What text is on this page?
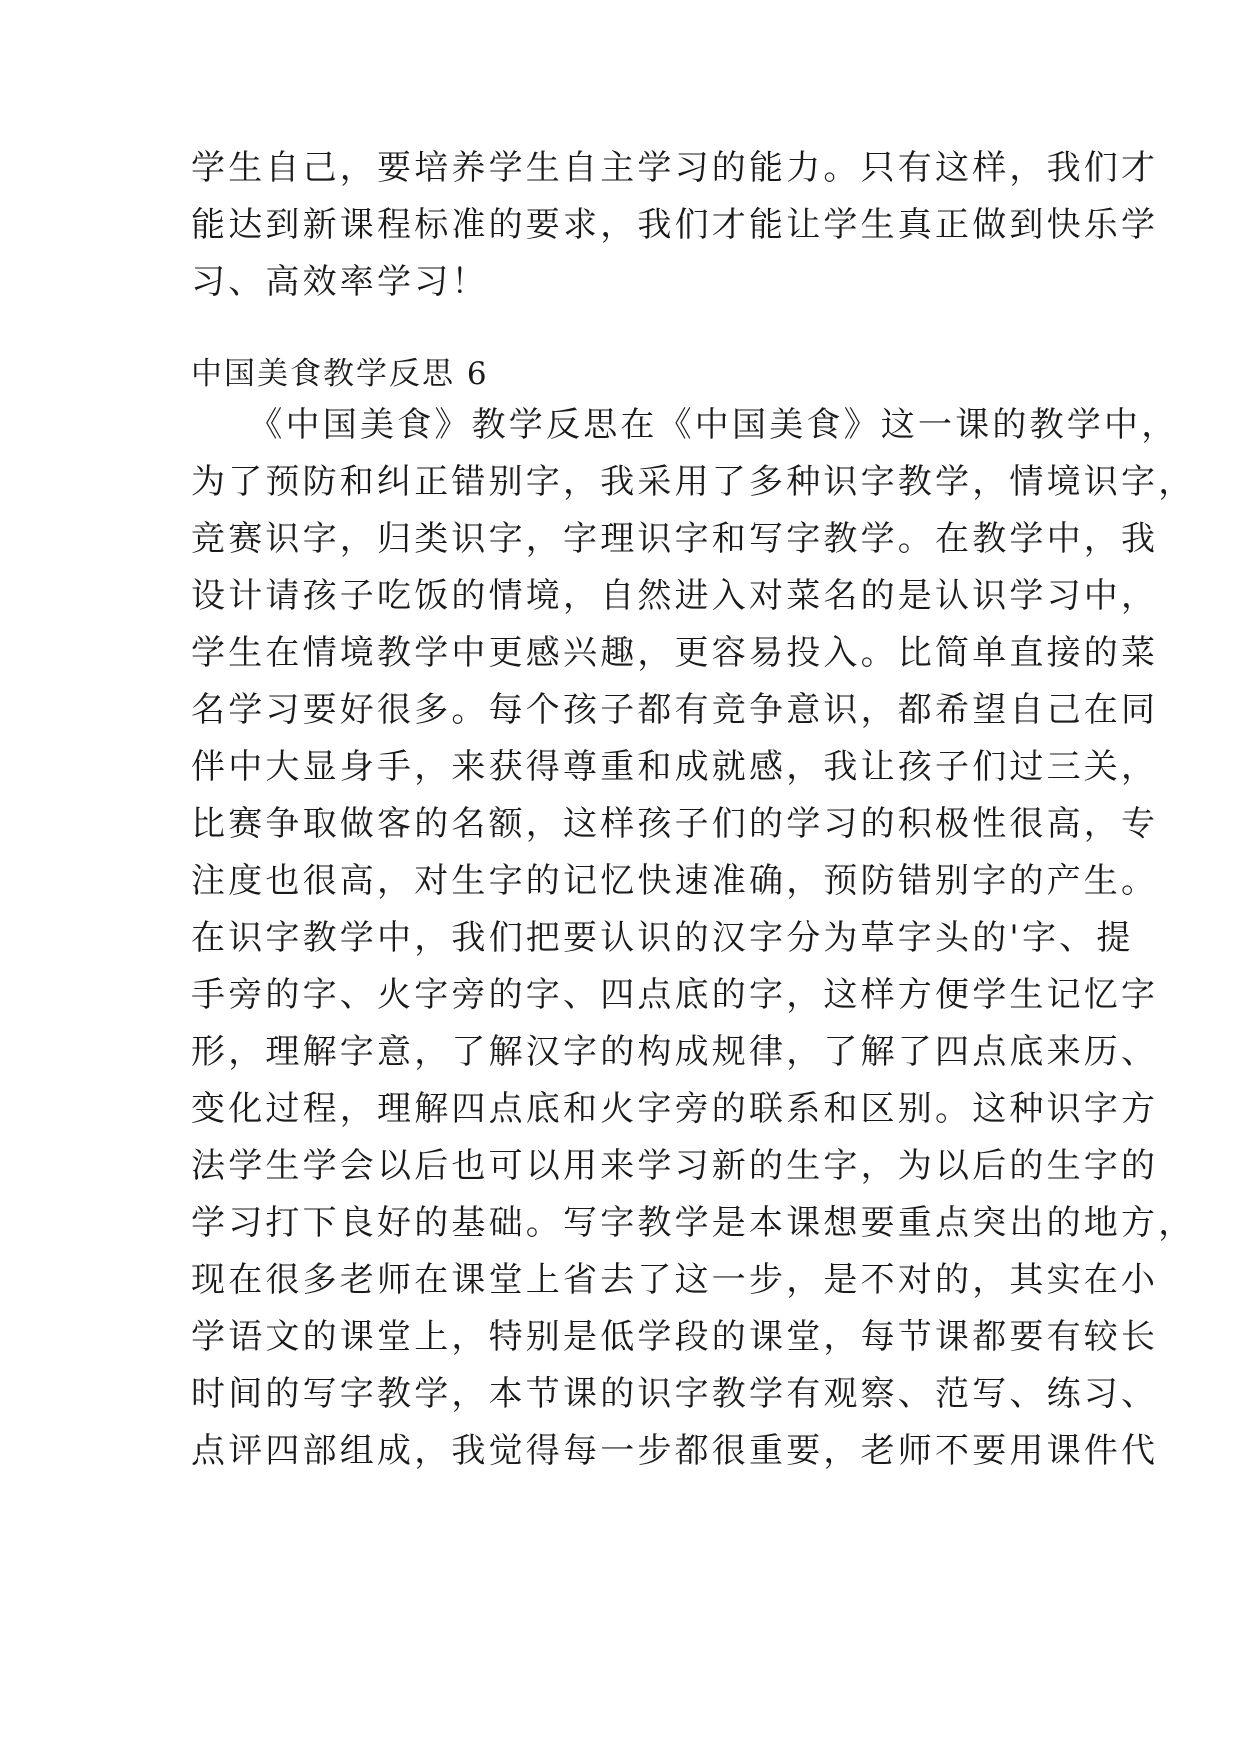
学生自己，要培养学生自主学习的能力。只有这样，我们才
能达到新课程标准的要求，我们才能让学生真正做到快乐学
习、高效率学习！
中国美食教学反思 6
　　《中国美食》教学反思在《中国美食》这一课的教学中，
为了预防和纠正错别字，我采用了多种识字教学，情境识字，
竞赛识字，归类识字，字理识字和写字教学。在教学中，我
设计请孩子吃饭的情境，自然进入对菜名的是认识学习中，
学生在情境教学中更感兴趣，更容易投入。比简单直接的菜
名学习要好很多。每个孩子都有竞争意识，都希望自己在同
伴中大显身手，来获得尊重和成就感，我让孩子们过三关，
比赛争取做客的名额，这样孩子们的学习的积极性很高，专
注度也很高，对生字的记忆快速准确，预防错别字的产生。
在识字教学中，我们把要认识的汉字分为草字头的'字、提
手旁的字、火字旁的字、四点底的字，这样方便学生记忆字
形，理解字意，了解汉字的构成规律，了解了四点底来历、
变化过程，理解四点底和火字旁的联系和区别。这种识字方
法学生学会以后也可以用来学习新的生字，为以后的生字的
学习打下良好的基础。写字教学是本课想要重点突出的地方，
现在很多老师在课堂上省去了这一步，是不对的，其实在小
学语文的课堂上，特别是低学段的课堂，每节课都要有较长
时间的写字教学，本节课的识字教学有观察、范写、练习、
点评四部组成，我觉得每一步都很重要，老师不要用课件代
